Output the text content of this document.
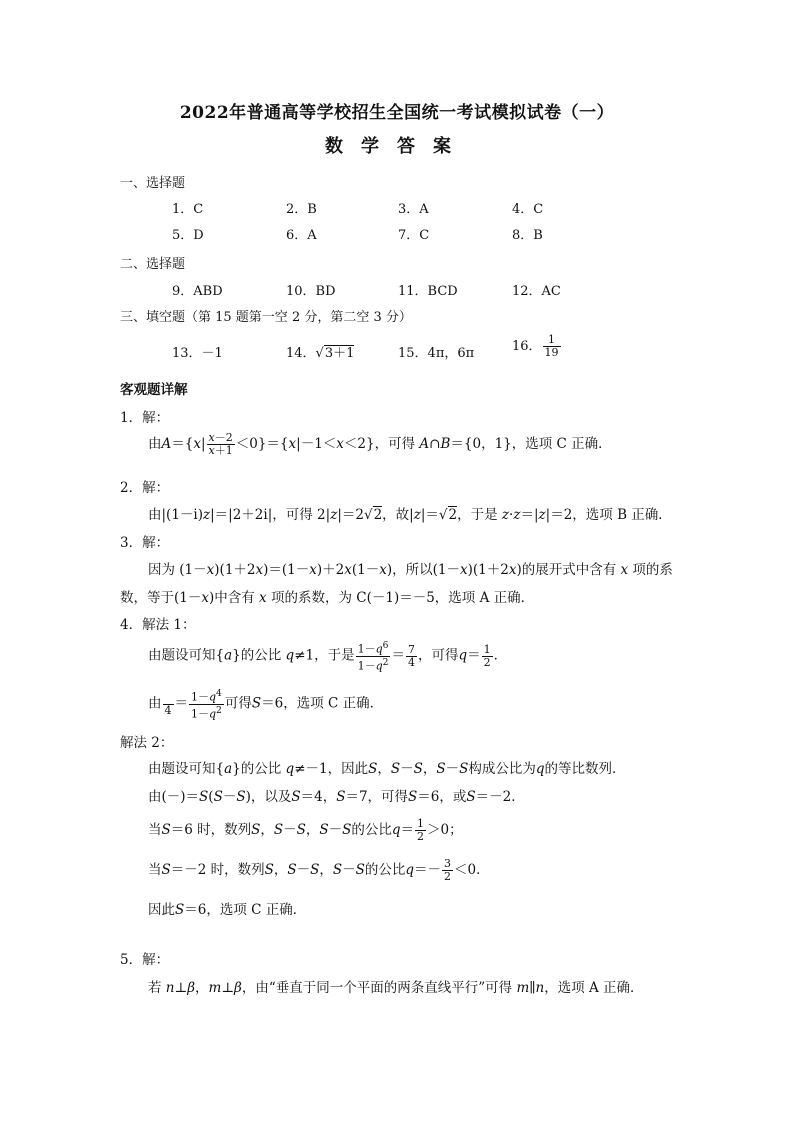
2022年普通高等学校招生全国统一考试模拟试卷（一）
数学答案
一、选择题
1．C	2．B	3．A	4．C
5．D	6．A	7．C	8．B
二、选择题
9．ABD	10．BD	11．BCD	12．AC
三、填空题（第 15 题第一空 2 分，第二空 3 分）
13．－1	14．√3＋1	15．4π，6π	16． $\frac{1}{19}$
客观题详解
1．解：
由$A=\{x| \frac{x-2}{x+1} <0\}=\{x|-1<x<2\}$，可得 A∩B＝{0，1}，选项 C 正确．
2．解：
由|(1－i)z|＝|2＋2i|，可得 2|z|＝2√2，故|z|＝√2，于是 z·z＝|z|＝2，选项 B 正确．
3．解：
因为 (1－x)(1＋2x)＝(1－x)＋2x(1－x)，所以(1－x)(1＋2x)的展开式中含有 x 项的系
数，等于(1－x)中含有 x 项的系数，为 C(－1)＝－5，选项 A 正确．
4．解法 1：
由题设可知{a}的公比 q≠1，于是 $\frac{1-q^6}{1-q^2} = \frac{7}{4}$ ，可得$q= \frac{1}{2}$ ．
由
$4 = \frac{1-q^4}{1-q^2}$ 可得S＝6，选项 C 正确．
解法 2：
由题设可知{a}的公比 q≠－1，因此S，S－S，S－S构成公比为q的等比数列．
由(－)＝S(S－S)，以及S＝4，S＝7，可得S＝6，或S＝－2．
当S＝6 时，数列S，S－S，S－S的公比$q= \frac{1}{2} >0$；
当S＝－2 时，数列S，S－S，S－S的公比$q=- \frac{3}{2} <0$．
因此S＝6，选项 C 正确．
5．解：
若 n⊥β，m⊥β，由“垂直于同一个平面的两条直线平行”可得 m∥n，选项 A 正确．
